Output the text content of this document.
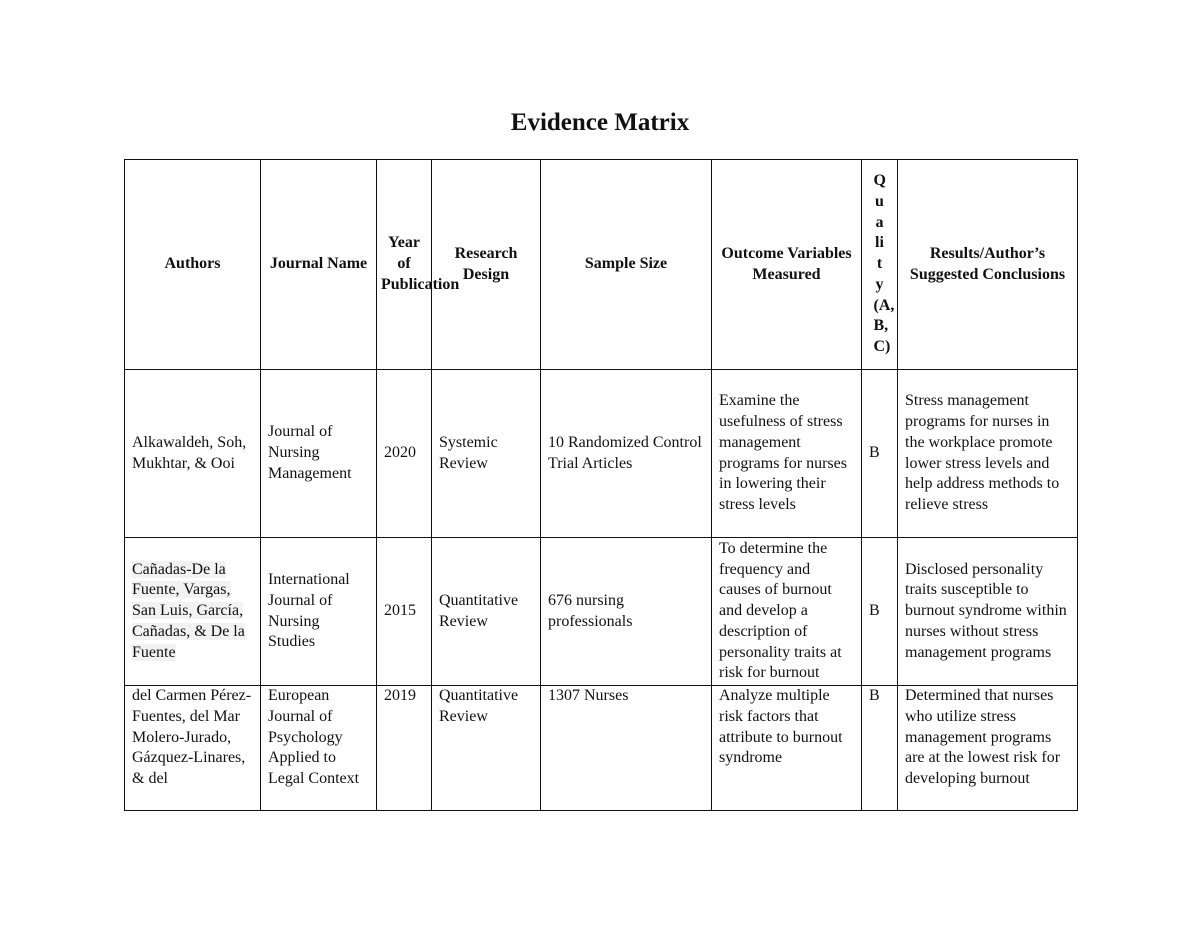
Evidence Matrix
Authors	Journal Name	Year of Publication	Research Design	Sample Size	Outcome Variables Measured	Quality (A, B, C)	Results/Author’s Suggested Conclusions
Alkawaldeh, Soh, Mukhtar, & Ooi	Journal of Nursing Management	2020	Systemic Review	10 Randomized Control Trial Articles	Examine the usefulness of stress management programs for nurses in lowering their stress levels	B	Stress management programs for nurses in the workplace promote lower stress levels and help address methods to relieve stress
Cañadas-De la Fuente, Vargas, San Luis, García, Cañadas, & De la Fuente	International Journal of Nursing Studies	2015	Quantitative Review	676 nursing professionals	To determine the frequency and causes of burnout and develop a description of personality traits at risk for burnout	B	Disclosed personality traits susceptible to burnout syndrome within nurses without stress management programs

del Carmen Pérez-Fuentes, del Mar Molero-Jurado, Gázquez-Linares, & del	European Journal of Psychology Applied to Legal Context	2019	Quantitative Review	1307 Nurses	Analyze multiple risk factors that attribute to burnout syndrome	B	Determined that nurses who utilize stress management programs are at the lowest risk for developing burnout
